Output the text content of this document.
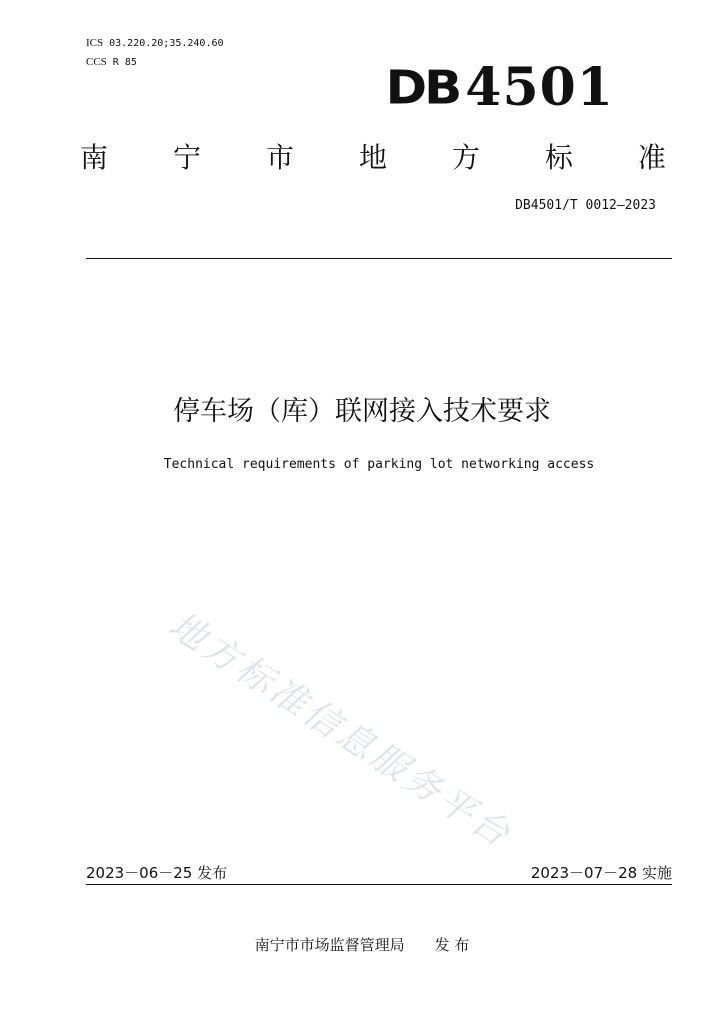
ICS 03.220.20;35.240.60
CCS R 85	DB 4501
南 宁 市 地 方 标 准
DB4501/T 0012—2023
停车场（库）联网接入技术要求
Technical requirements of parking lot networking access
地方标准信息服务平台
2023－06－25 发布	2023－07－28 实施
南宁市市场监督管理局　　发 布
